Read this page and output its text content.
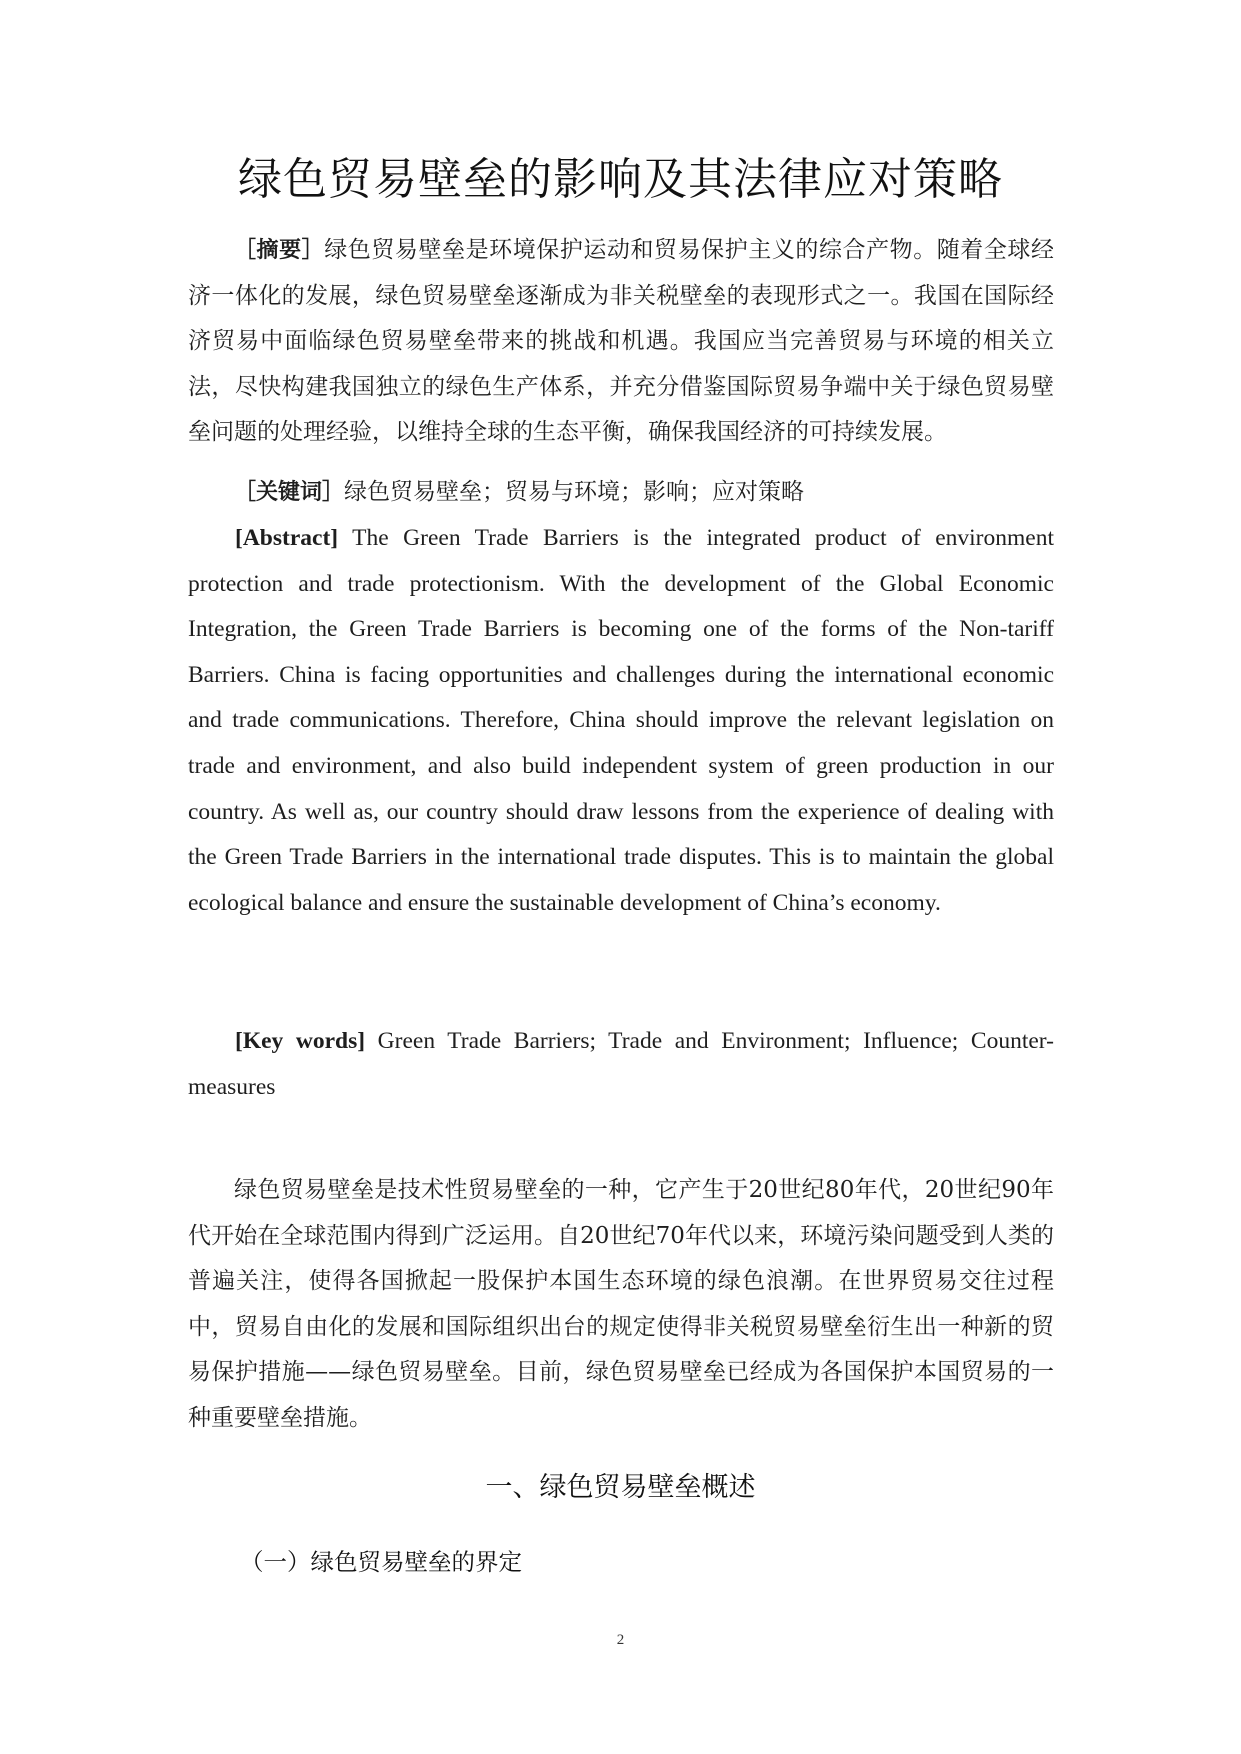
绿色贸易壁垒的影响及其法律应对策略

［摘要］绿色贸易壁垒是环境保护运动和贸易保护主义的综合产物。随着全球经济一体化的发展，绿色贸易壁垒逐渐成为非关税壁垒的表现形式之一。我国在国际经济贸易中面临绿色贸易壁垒带来的挑战和机遇。我国应当完善贸易与环境的相关立法，尽快构建我国独立的绿色生产体系，并充分借鉴国际贸易争端中关于绿色贸易壁垒问题的处理经验，以维持全球的生态平衡，确保我国经济的可持续发展。

［关键词］绿色贸易壁垒；贸易与环境；影响；应对策略

[Abstract] The Green Trade Barriers is the integrated product of environment protection and trade protectionism. With the development of the Global Economic Integration, the Green Trade Barriers is becoming one of the forms of the Non-tariff Barriers. China is facing opportunities and challenges during the international economic and trade communications. Therefore, China should improve the relevant legislation on trade and environment, and also build independent system of green production in our country. As well as, our country should draw lessons from the experience of dealing with the Green Trade Barriers in the international trade disputes. This is to maintain the global ecological balance and ensure the sustainable development of China’s economy.

[Key words] Green Trade Barriers; Trade and Environment; Influence; Counter-measures

绿色贸易壁垒是技术性贸易壁垒的一种，它产生于20世纪80年代，20世纪90年代开始在全球范围内得到广泛运用。自20世纪70年代以来，环境污染问题受到人类的普遍关注，使得各国掀起一股保护本国生态环境的绿色浪潮。在世界贸易交往过程中，贸易自由化的发展和国际组织出台的规定使得非关税贸易壁垒衍生出一种新的贸易保护措施——绿色贸易壁垒。目前，绿色贸易壁垒已经成为各国保护本国贸易的一种重要壁垒措施。

一、绿色贸易壁垒概述
（一）绿色贸易壁垒的界定
2
